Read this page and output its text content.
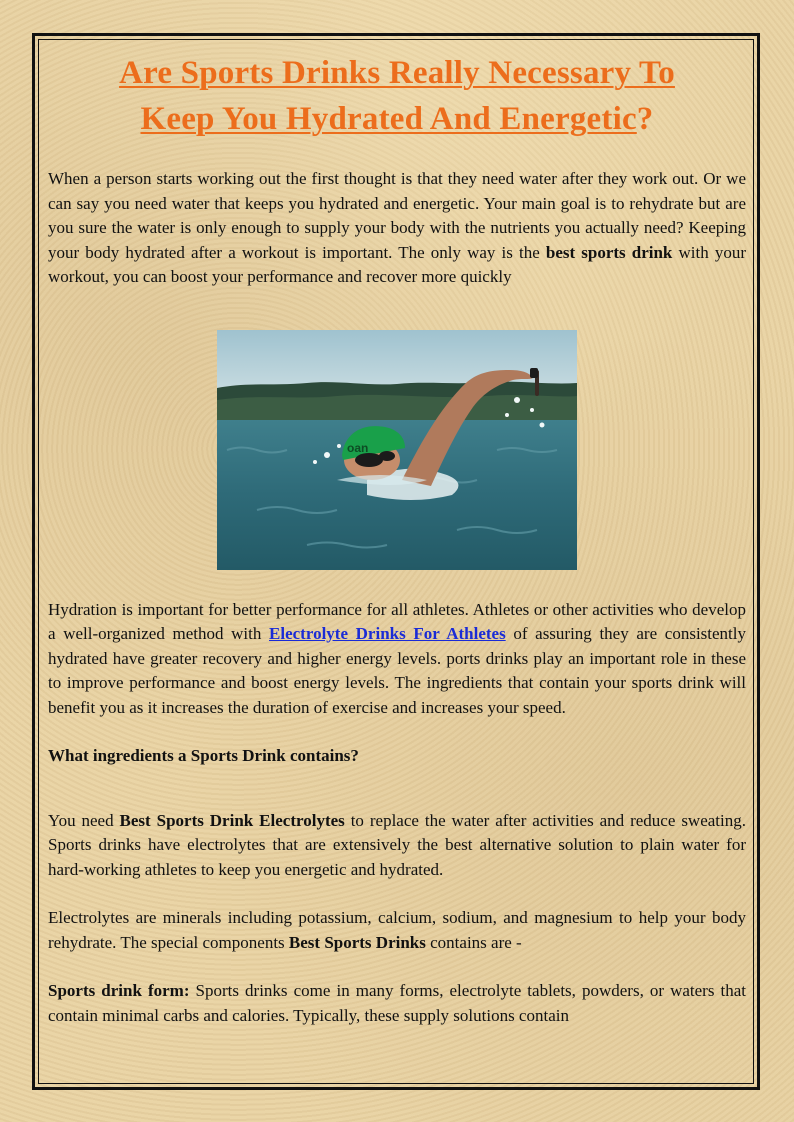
Are Sports Drinks Really Necessary To
Keep You Hydrated And Energetic?

When a person starts working out the first thought is that they need water after they work out. Or we can say you need water that keeps you hydrated and energetic. Your main goal is to rehydrate but are you sure the water is only enough to supply your body with the nutrients you actually need? Keeping your body hydrated after a workout is important. The only way is the best sports drink with your workout, you can boost your performance and recover more quickly

oan

Hydration is important for better performance for all athletes. Athletes or other activities who develop a well-organized method with Electrolyte Drinks For Athletes of assuring they are consistently hydrated have greater recovery and higher energy levels. ports drinks play an important role in these to improve performance and boost energy levels. The ingredients that contain your sports drink will benefit you as it increases the duration of exercise and increases your speed.

What ingredients a Sports Drink contains?

You need Best Sports Drink Electrolytes to replace the water after activities and reduce sweating. Sports drinks have electrolytes that are extensively the best alternative solution to plain water for hard-working athletes to keep you energetic and hydrated.

Electrolytes are minerals including potassium, calcium, sodium, and magnesium to help your body rehydrate. The special components Best Sports Drinks contains are -

Sports drink form: Sports drinks come in many forms, electrolyte tablets, powders, or waters that contain minimal carbs and calories. Typically, these supply solutions contain
